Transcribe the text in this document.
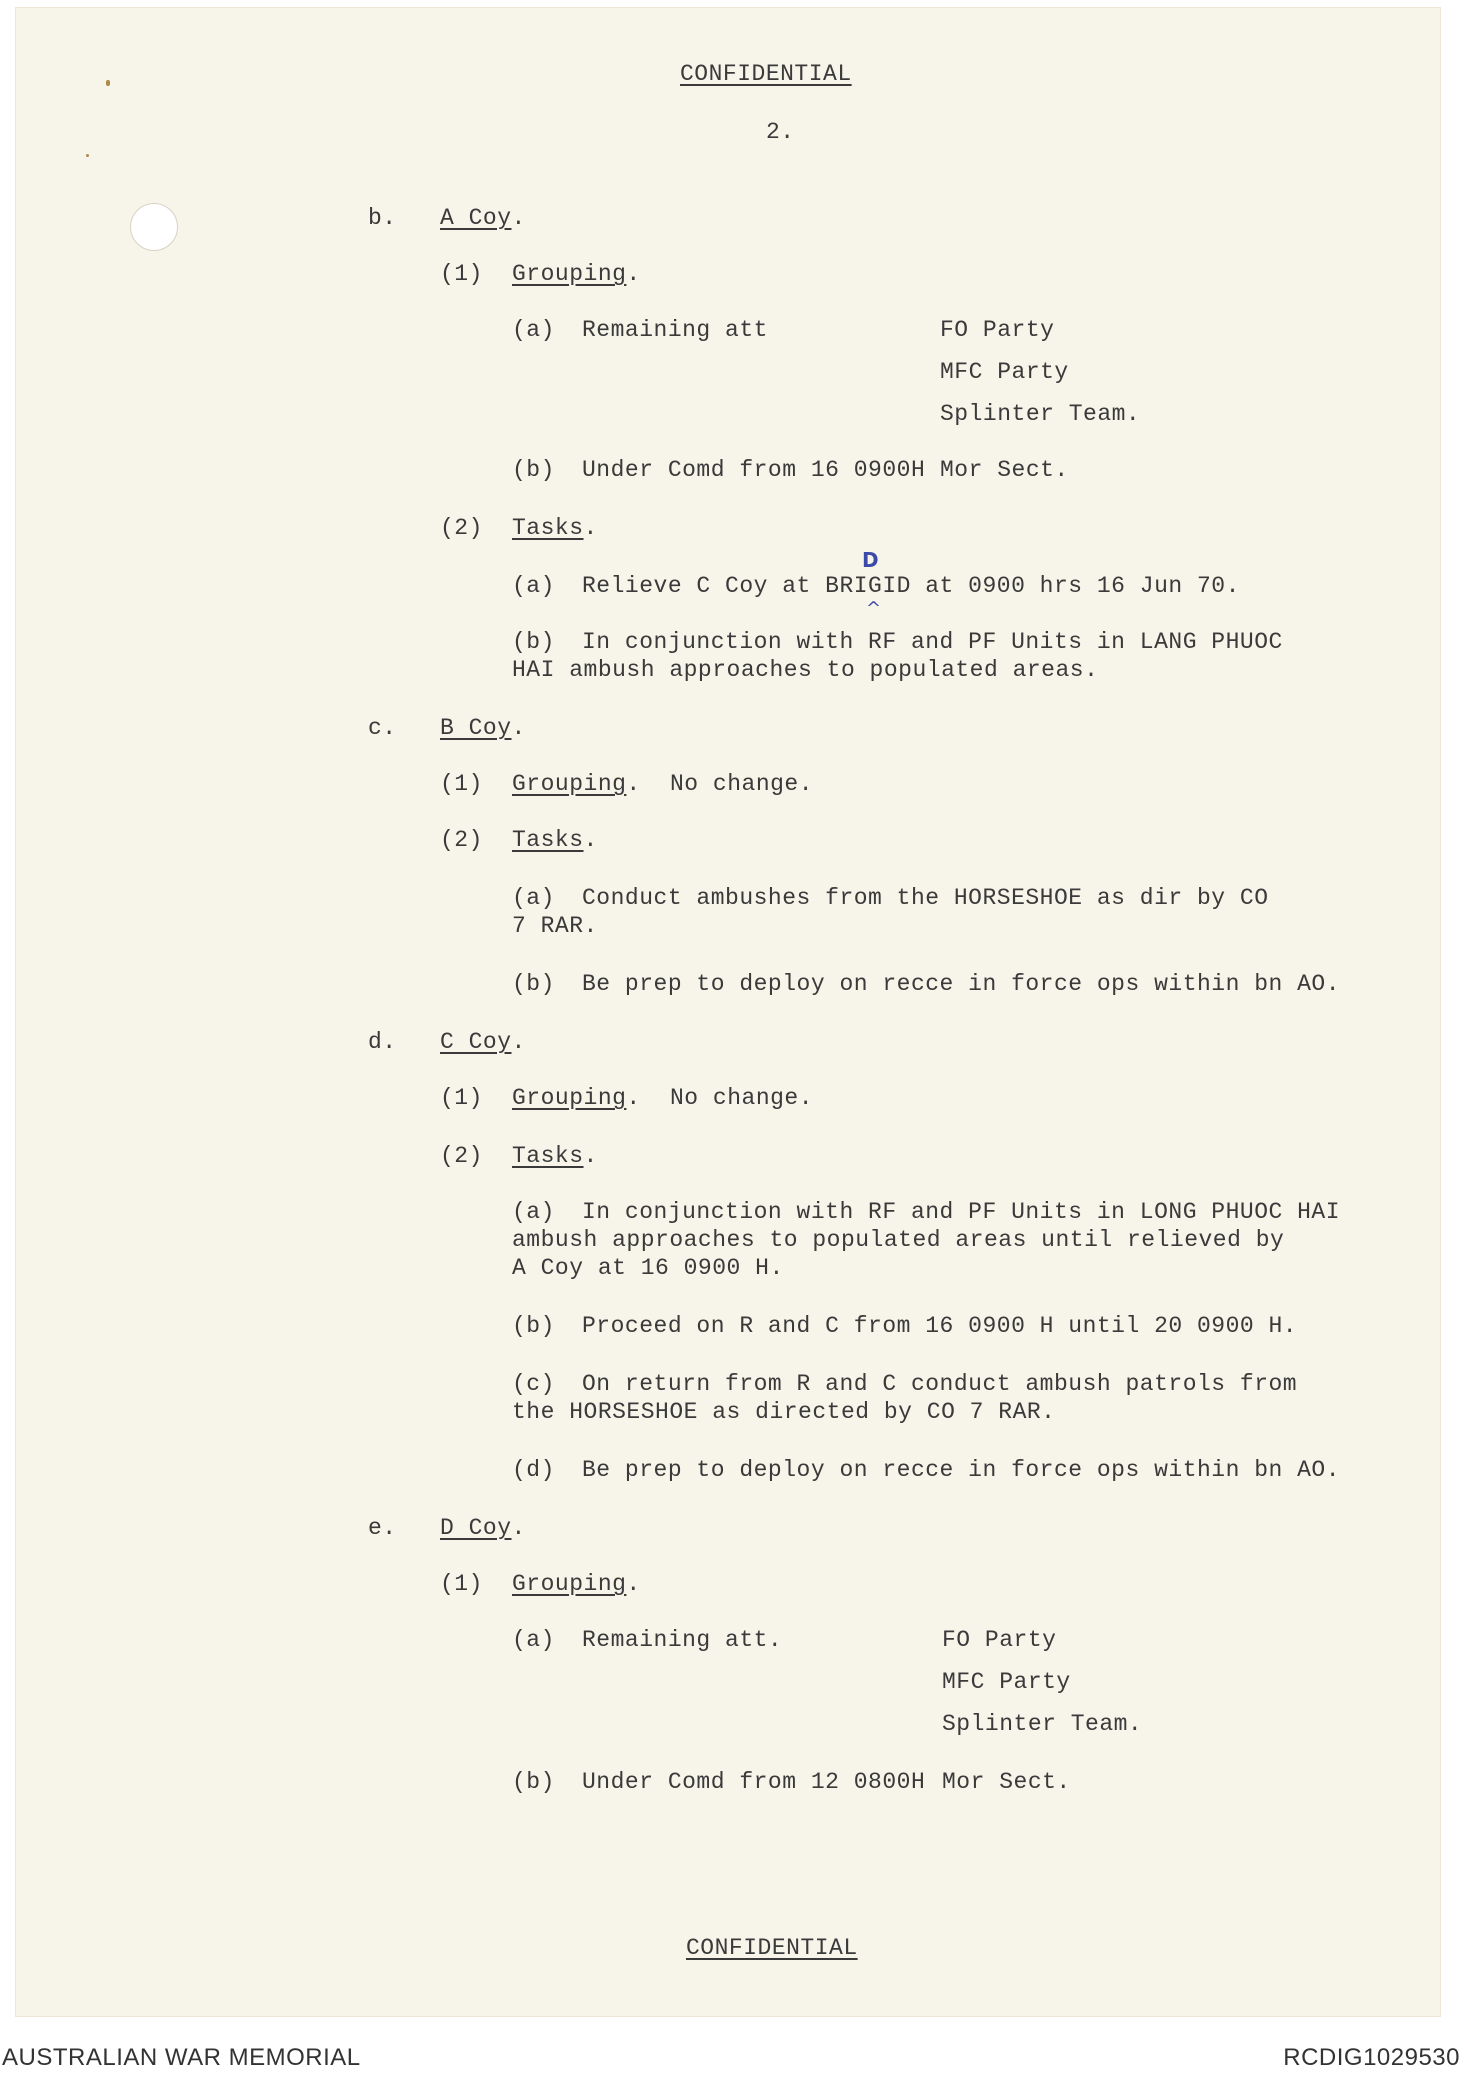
CONFIDENTIAL
2.
b. A Coy.
(1) Grouping.
(a) Remaining att	FO Party
MFC Party
Splinter Team.
(b) Under Comd from 16 0900H Mor Sect.
(2) Tasks.
D
^
(a) Relieve C Coy at BRIGID at 0900 hrs 16 Jun 70.
(b) In conjunction with RF and PF Units in LANG PHUOC
HAI ambush approaches to populated areas.
c. B Coy.
(1) Grouping. No change.
(2) Tasks.
(a) Conduct ambushes from the HORSESHOE as dir by CO
7 RAR.
(b) Be prep to deploy on recce in force ops within bn AO.
d. C Coy.
(1) Grouping. No change.
(2) Tasks.
(a) In conjunction with RF and PF Units in LONG PHUOC HAI
ambush approaches to populated areas until relieved by
A Coy at 16 0900 H.
(b) Proceed on R and C from 16 0900 H until 20 0900 H.
(c) On return from R and C conduct ambush patrols from
the HORSESHOE as directed by CO 7 RAR.
(d) Be prep to deploy on recce in force ops within bn AO.
e. D Coy.
(1) Grouping.
(a) Remaining att.	FO Party
MFC Party
Splinter Team.
(b) Under Comd from 12 0800H Mor Sect.
CONFIDENTIAL
AUSTRALIAN WAR MEMORIAL	RCDIG1029530
